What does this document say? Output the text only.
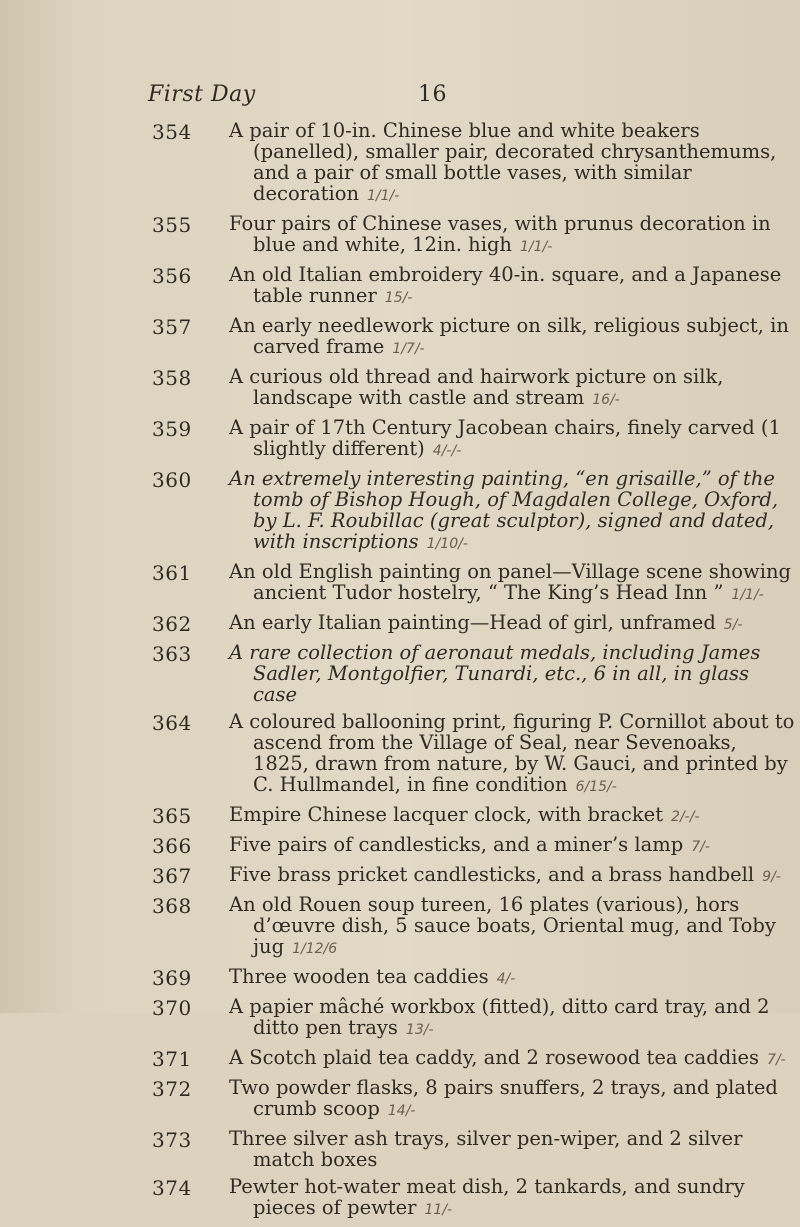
First Day	16
354	A pair of 10-in. Chinese blue and white beakers (panelled), smaller pair, decorated chrysanthemums, and a pair of small bottle vases, with similar decoration 1/1/-
355	Four pairs of Chinese vases, with prunus decoration in blue and white, 12in. high 1/1/-
356	An old Italian embroidery 40-in. square, and a Japanese table runner 15/-
357	An early needlework picture on silk, religious subject, in carved frame 1/7/-
358	A curious old thread and hairwork picture on silk, landscape with castle and stream 16/-
359	A pair of 17th Century Jacobean chairs, finely carved (1 slightly different) 4/-/-
360	An extremely interesting painting, “en grisaille,” of the tomb of Bishop Hough, of Magdalen College, Oxford, by L. F. Roubillac (great sculptor), signed and dated, with inscriptions 1/10/-
361	An old English painting on panel—Village scene showing ancient Tudor hostelry, “ The King’s Head Inn ” 1/1/-
362	An early Italian painting—Head of girl, unframed 5/-
363	A rare collection of aeronaut medals, including James Sadler, Montgolfier, Tunardi, etc., 6 in all, in glass case
364	A coloured ballooning print, figuring P. Cornillot about to ascend from the Village of Seal, near Sevenoaks, 1825, drawn from nature, by W. Gauci, and printed by C. Hullmandel, in fine condition 6/15/-
365	Empire Chinese lacquer clock, with bracket 2/-/-
366	Five pairs of candlesticks, and a miner’s lamp 7/-
367	Five brass pricket candlesticks, and a brass handbell 9/-
368	An old Rouen soup tureen, 16 plates (various), hors d’œuvre dish, 5 sauce boats, Oriental mug, and Toby jug 1/12/6
369	Three wooden tea caddies 4/-
370	A papier mâché workbox (fitted), ditto card tray, and 2 ditto pen trays 13/-
371	A Scotch plaid tea caddy, and 2 rosewood tea caddies 7/-
372	Two powder flasks, 8 pairs snuffers, 2 trays, and plated crumb scoop 14/-
373	Three silver ash trays, silver pen-wiper, and 2 silver match boxes
374	Pewter hot-water meat dish, 2 tankards, and sundry pieces of pewter 11/-
